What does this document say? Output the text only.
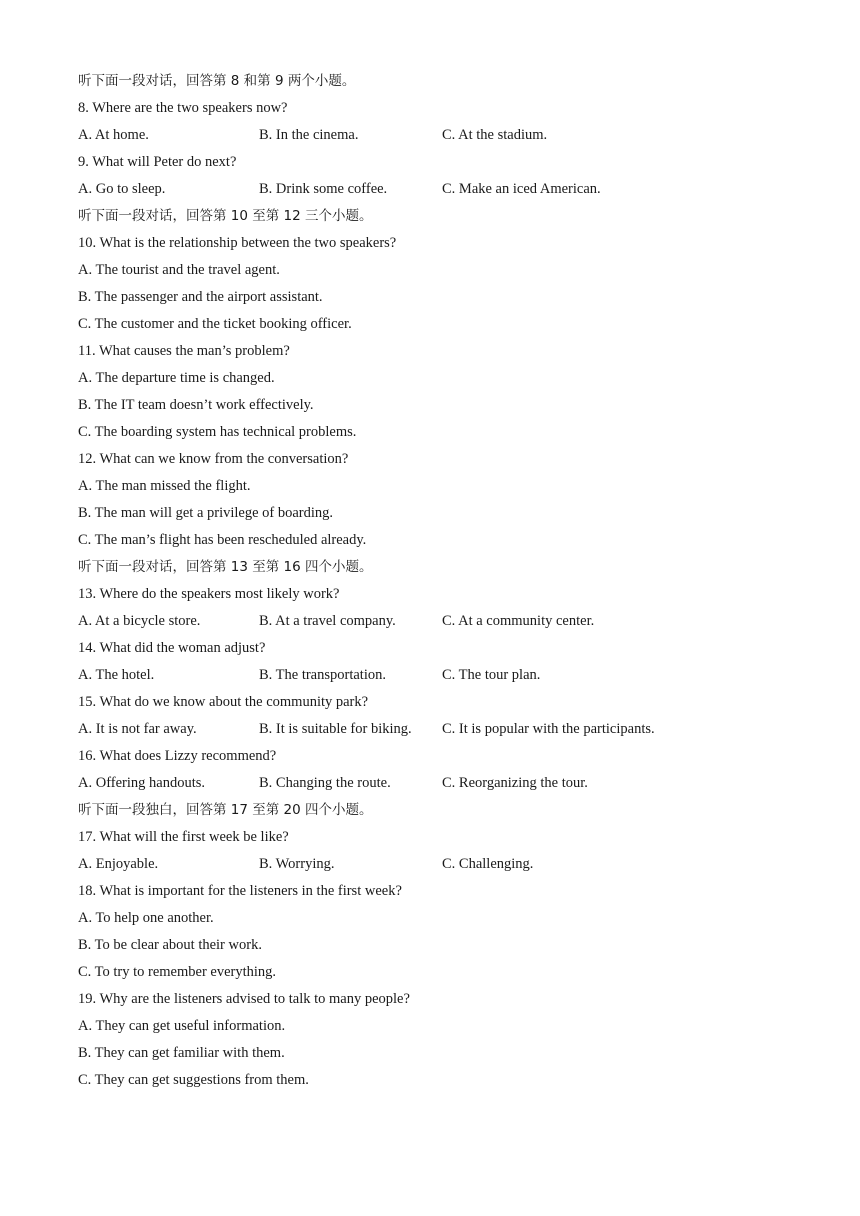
听下面一段对话，回答第 8 和第 9 两个小题。
8. Where are the two speakers now?
A. At home.	B. In the cinema.	C. At the stadium.
9. What will Peter do next?
A. Go to sleep.	B. Drink some coffee.	C. Make an iced American.
听下面一段对话，回答第 10 至第 12 三个小题。
10. What is the relationship between the two speakers?
A. The tourist and the travel agent.
B. The passenger and the airport assistant.
C. The customer and the ticket booking officer.
11. What causes the man’s problem?
A. The departure time is changed.
B. The IT team doesn’t work effectively.
C. The boarding system has technical problems.
12. What can we know from the conversation?
A. The man missed the flight.
B. The man will get a privilege of boarding.
C. The man’s flight has been rescheduled already.
听下面一段对话，回答第 13 至第 16 四个小题。
13. Where do the speakers most likely work?
A. At a bicycle store.	B. At a travel company.	C. At a community center.
14. What did the woman adjust?
A. The hotel.	B. The transportation.	C. The tour plan.
15. What do we know about the community park?
A. It is not far away.	B. It is suitable for biking.	C. It is popular with the participants.
16. What does Lizzy recommend?
A. Offering handouts.	B. Changing the route.	C. Reorganizing the tour.
听下面一段独白，回答第 17 至第 20 四个小题。
17. What will the first week be like?
A. Enjoyable.	B. Worrying.	C. Challenging.
18. What is important for the listeners in the first week?
A. To help one another.
B. To be clear about their work.
C. To try to remember everything.
19. Why are the listeners advised to talk to many people?
A. They can get useful information.
B. They can get familiar with them.
C. They can get suggestions from them.
